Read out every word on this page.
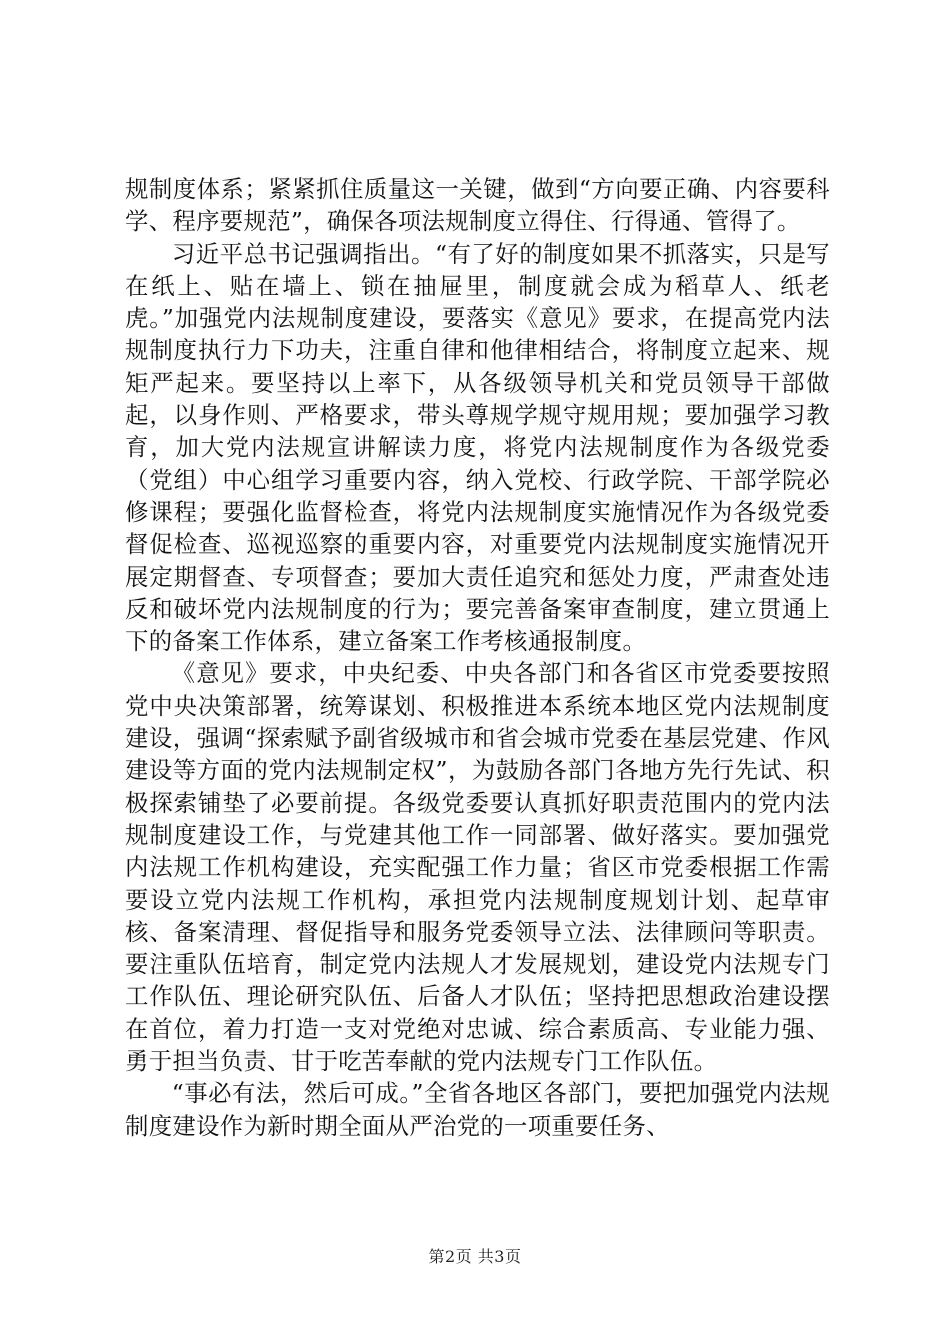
规制度体系；紧紧抓住质量这一关键，做到“方向要正确、内容要科学、程序要规范”，确保各项法规制度立得住、行得通、管得了。

习近平总书记强调指出。“有了好的制度如果不抓落实，只是写在纸上、贴在墙上、锁在抽屉里，制度就会成为稻草人、纸老虎。”加强党内法规制度建设，要落实《意见》要求，在提高党内法规制度执行力下功夫，注重自律和他律相结合，将制度立起来、规矩严起来。要坚持以上率下，从各级领导机关和党员领导干部做起，以身作则、严格要求，带头尊规学规守规用规；要加强学习教育，加大党内法规宣讲解读力度，将党内法规制度作为各级党委（党组）中心组学习重要内容，纳入党校、行政学院、干部学院必修课程；要强化监督检查，将党内法规制度实施情况作为各级党委督促检查、巡视巡察的重要内容，对重要党内法规制度实施情况开展定期督查、专项督查；要加大责任追究和惩处力度，严肃查处违反和破坏党内法规制度的行为；要完善备案审查制度，建立贯通上下的备案工作体系，建立备案工作考核通报制度。

《意见》要求，中央纪委、中央各部门和各省区市党委要按照党中央决策部署，统筹谋划、积极推进本系统本地区党内法规制度建设，强调“探索赋予副省级城市和省会城市党委在基层党建、作风建设等方面的党内法规制定权”，为鼓励各部门各地方先行先试、积极探索铺垫了必要前提。各级党委要认真抓好职责范围内的党内法规制度建设工作，与党建其他工作一同部署、做好落实。要加强党内法规工作机构建设，充实配强工作力量；省区市党委根据工作需要设立党内法规工作机构，承担党内法规制度规划计划、起草审核、备案清理、督促指导和服务党委领导立法、法律顾问等职责。要注重队伍培育，制定党内法规人才发展规划，建设党内法规专门工作队伍、理论研究队伍、后备人才队伍；坚持把思想政治建设摆在首位，着力打造一支对党绝对忠诚、综合素质高、专业能力强、勇于担当负责、甘于吃苦奉献的党内法规专门工作队伍。

“事必有法，然后可成。”全省各地区各部门，要把加强党内法规制度建设作为新时期全面从严治党的一项重要任务、

第2页 共3页
